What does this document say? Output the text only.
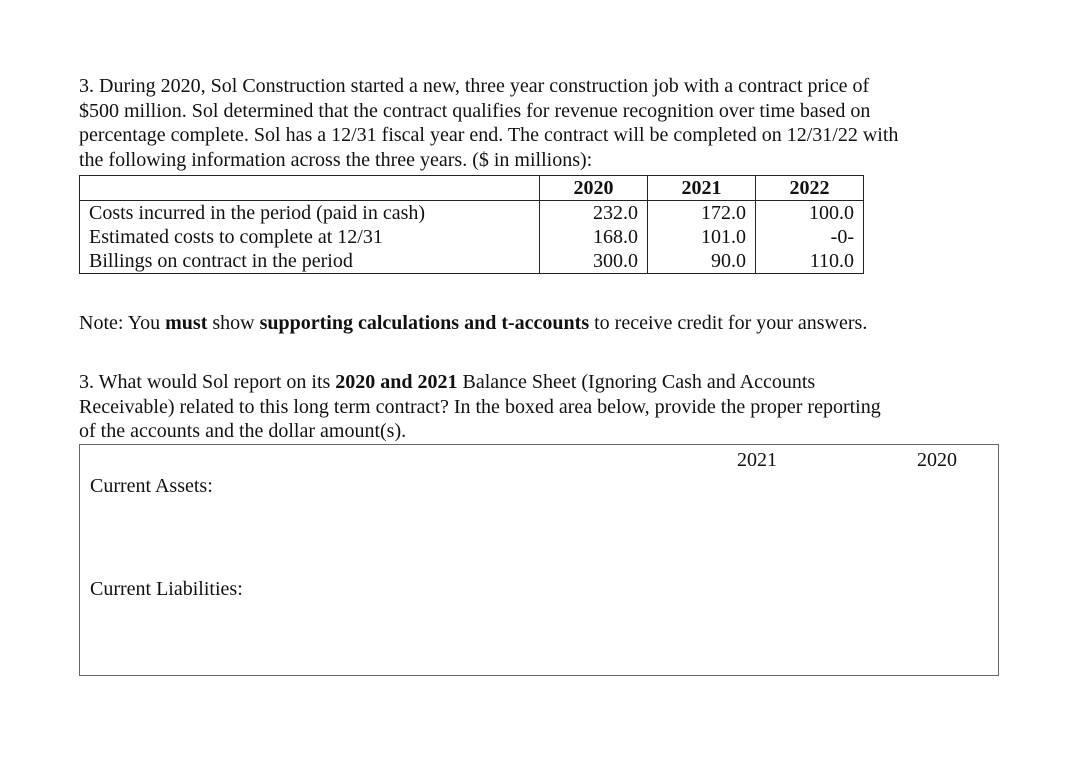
3. During 2020, Sol Construction started a new, three year construction job with a contract price of
$500 million. Sol determined that the contract qualifies for revenue recognition over time based on
percentage complete. Sol has a 12/31 fiscal year end. The contract will be completed on 12/31/22 with
the following information across the three years. ($ in millions):
	2020	2021	2022
Costs incurred in the period (paid in cash)	232.0	172.0	100.0
Estimated costs to complete at 12/31	168.0	101.0	-0-
Billings on contract in the period	300.0	90.0	110.0
Note: You must show supporting calculations and t-accounts to receive credit for your answers.
3. What would Sol report on its 2020 and 2021 Balance Sheet (Ignoring Cash and Accounts
Receivable) related to this long term contract? In the boxed area below, provide the proper reporting
of the accounts and the dollar amount(s).
2021	2020
Current Assets:
Current Liabilities:
